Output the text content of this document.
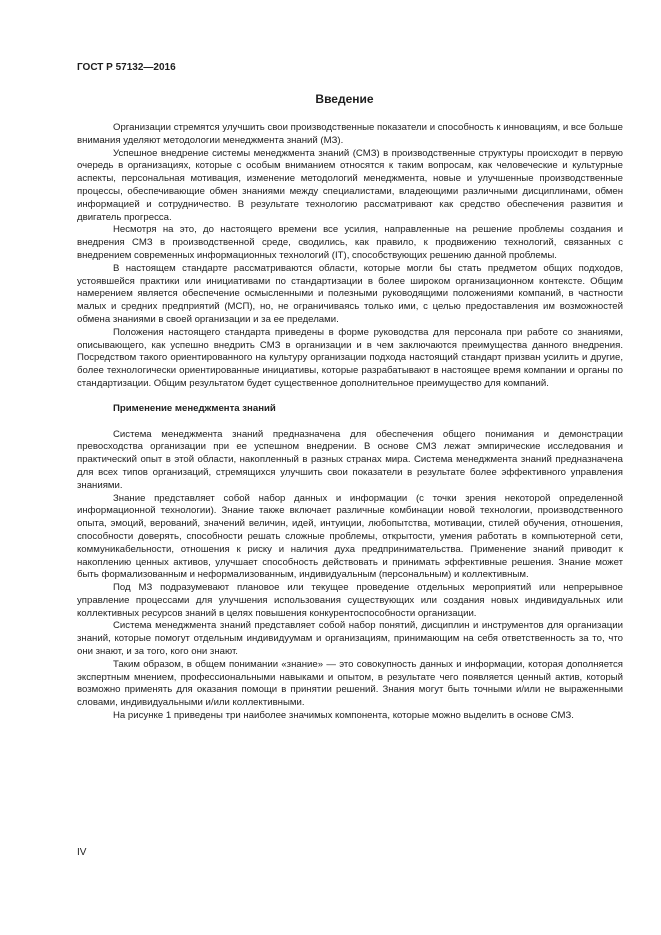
ГОСТ Р 57132—2016

Введение

Организации стремятся улучшить свои производственные показатели и способность к инновациям, и все больше внимания уделяют методологии менеджмента знаний (МЗ).

Успешное внедрение системы менеджмента знаний (СМЗ) в производственные структуры происходит в первую очередь в организациях, которые с особым вниманием относятся к таким вопросам, как человеческие и культурные аспекты, персональная мотивация, изменение методологий менеджмента, новые и улучшенные производственные процессы, обеспечивающие обмен знаниями между специалистами, владеющими различными дисциплинами, обмен информацией и сотрудничество. В результате технологию рассматривают как средство обеспечения развития и двигатель прогресса.

Несмотря на это, до настоящего времени все усилия, направленные на решение проблемы создания и внедрения СМЗ в производственной среде, сводились, как правило, к продвижению технологий, связанных с внедрением современных информационных технологий (IT), способствующих решению данной проблемы.

В настоящем стандарте рассматриваются области, которые могли бы стать предметом общих подходов, устоявшейся практики или инициативами по стандартизации в более широком организационном контексте. Общим намерением является обеспечение осмысленными и полезными руководящими положениями компаний, в частности малых и средних предприятий (МСП), но, не ограничиваясь только ими, с целью предоставления им возможностей обмена знаниями в своей организации и за ее пределами.

Положения настоящего стандарта приведены в форме руководства для персонала при работе со знаниями, описывающего, как успешно внедрить СМЗ в организации и в чем заключаются преимущества данного внедрения. Посредством такого ориентированного на культуру организации подхода настоящий стандарт призван усилить и другие, более технологически ориентированные инициативы, которые разрабатывают в настоящее время компании и органы по стандартизации. Общим результатом будет существенное дополнительное преимущество для компаний.

Применение менеджмента знаний

Система менеджмента знаний предназначена для обеспечения общего понимания и демонстрации превосходства организации при ее успешном внедрении. В основе СМЗ лежат эмпирические исследования и практический опыт в этой области, накопленный в разных странах мира. Система менеджмента знаний предназначена для всех типов организаций, стремящихся улучшить свои показатели в результате более эффективного управления знаниями.

Знание представляет собой набор данных и информации (с точки зрения некоторой определенной информационной технологии). Знание также включает различные комбинации новой технологии, производственного опыта, эмоций, верований, значений величин, идей, интуиции, любопытства, мотивации, стилей обучения, отношения, способности доверять, способности решать сложные проблемы, открытости, умения работать в компьютерной сети, коммуникабельности, отношения к риску и наличия духа предпринимательства. Применение знаний приводит к накоплению ценных активов, улучшает способность действовать и принимать эффективные решения. Знание может быть формализованным и неформализованным, индивидуальным (персональным) и коллективным.

Под МЗ подразумевают плановое или текущее проведение отдельных мероприятий или непрерывное управление процессами для улучшения использования существующих или создания новых индивидуальных или коллективных ресурсов знаний в целях повышения конкурентоспособности организации.

Система менеджмента знаний представляет собой набор понятий, дисциплин и инструментов для организации знаний, которые помогут отдельным индивидуумам и организациям, принимающим на себя ответственность за то, что они знают, и за того, кого они знают.

Таким образом, в общем понимании «знание» — это совокупность данных и информации, которая дополняется экспертным мнением, профессиональными навыками и опытом, в результате чего появляется ценный актив, который возможно применять для оказания помощи в принятии решений. Знания могут быть точными и/или не выраженными словами, индивидуальными и/или коллективными.

На рисунке 1 приведены три наиболее значимых компонента, которые можно выделить в основе СМЗ.

IV
